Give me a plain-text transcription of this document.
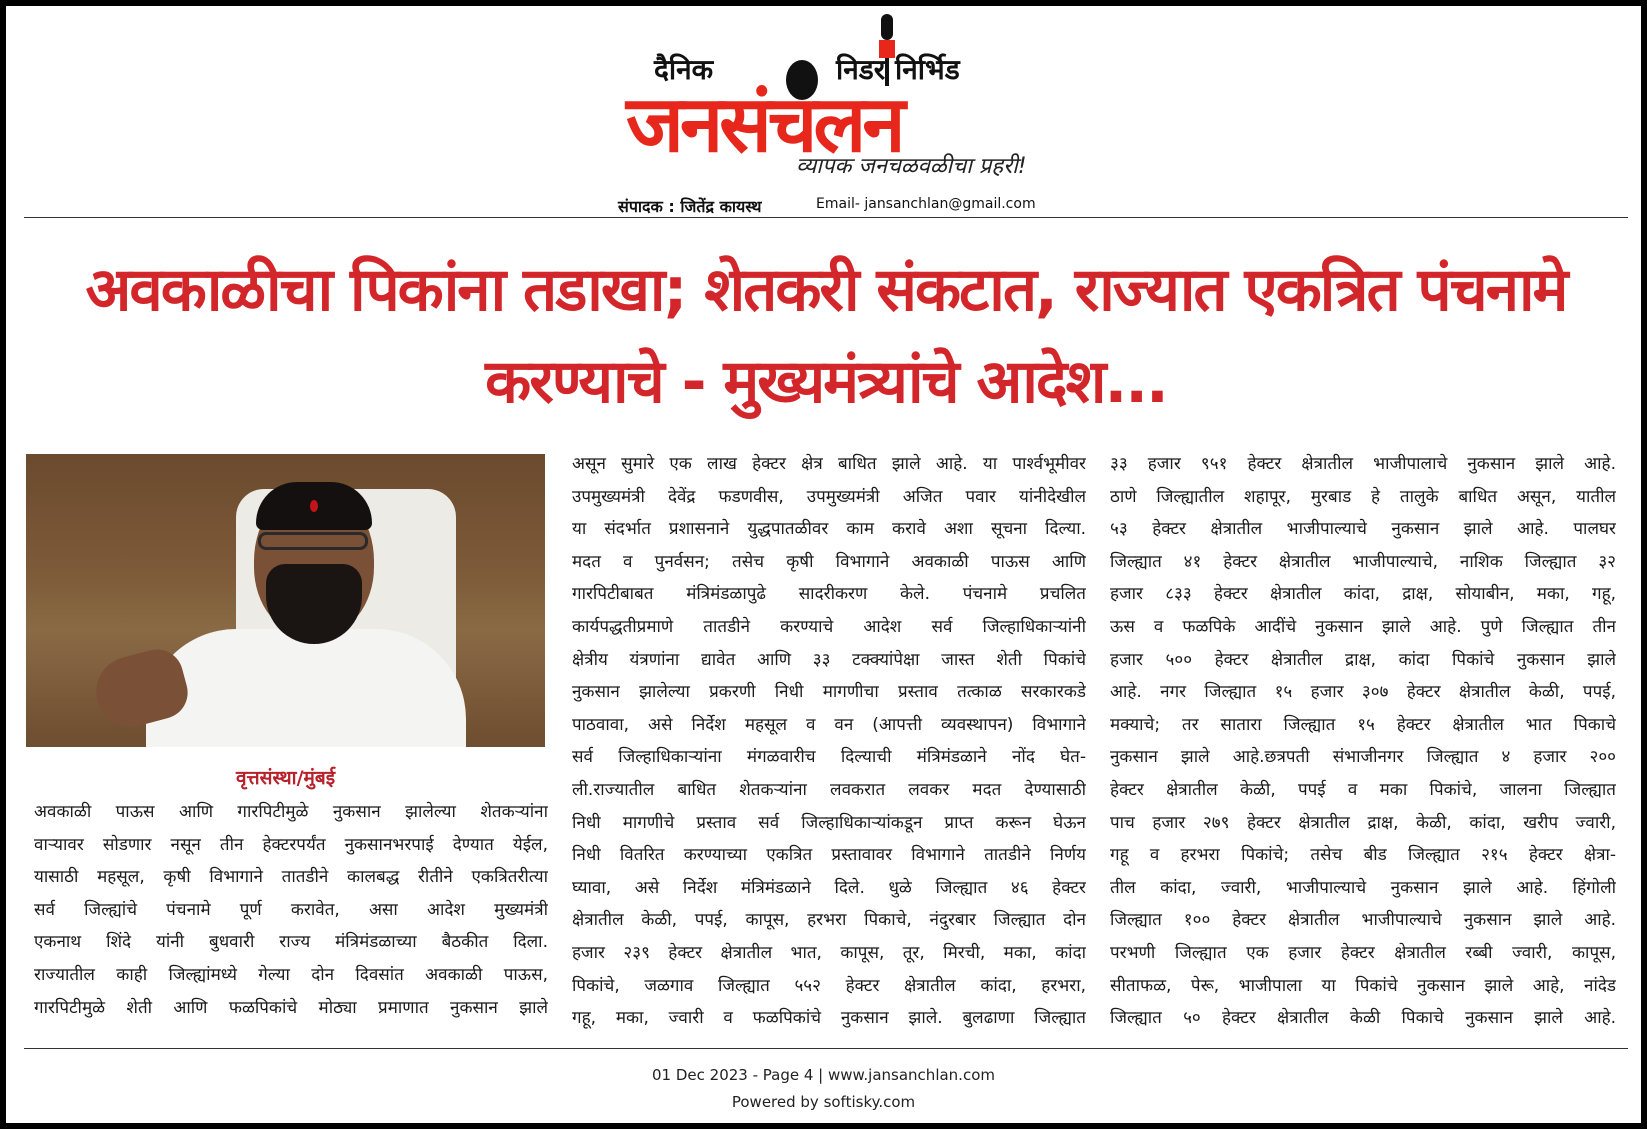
दैनिक	निडर निर्भिड
जनसंचलन
व्यापक जनचळवळीचा प्रहरी!
संपादक : जितेंद्र कायस्थ	Email- jansanchlan@gmail.com
अवकाळीचा पिकांना तडाखा; शेतकरी संकटात, राज्यात एकत्रित पंचनामे
करण्याचे - मुख्यमंत्र्यांचे आदेश...
वृत्तसंस्था/मुंबई
अवकाळी पाऊस आणि गारपिटीमुळे नुकसान झालेल्या शेतकऱ्यांना
वाऱ्यावर सोडणार नसून तीन हेक्टरपर्यंत नुकसानभरपाई देण्यात येईल,
यासाठी महसूल, कृषी विभागाने तातडीने कालबद्ध रीतीने एकत्रितरीत्या
सर्व जिल्ह्यांचे पंचनामे पूर्ण करावेत, असा आदेश मुख्यमंत्री
एकनाथ शिंदे यांनी बुधवारी राज्य मंत्रिमंडळाच्या बैठकीत दिला.
राज्यातील काही जिल्ह्यांमध्ये गेल्या दोन दिवसांत अवकाळी पाऊस,
गारपिटीमुळे शेती आणि फळपिकांचे मोठ्या प्रमाणात नुकसान झाले
असून सुमारे एक लाख हेक्टर क्षेत्र बाधित झाले आहे. या पार्श्वभूमीवर
उपमुख्यमंत्री देवेंद्र फडणवीस, उपमुख्यमंत्री अजित पवार यांनीदेखील
या संदर्भात प्रशासनाने युद्धपातळीवर काम करावे अशा सूचना दिल्या.
मदत व पुनर्वसन; तसेच कृषी विभागाने अवकाळी पाऊस आणि
गारपिटीबाबत मंत्रिमंडळापुढे सादरीकरण केले. पंचनामे प्रचलित
कार्यपद्धतीप्रमाणे तातडीने करण्याचे आदेश सर्व जिल्हाधिकाऱ्यांनी
क्षेत्रीय यंत्रणांना द्यावेत आणि ३३ टक्क्यांपेक्षा जास्त शेती पिकांचे
नुकसान झालेल्या प्रकरणी निधी मागणीचा प्रस्ताव तत्काळ सरकारकडे
पाठवावा, असे निर्देश महसूल व वन (आपत्ती व्यवस्थापन) विभागाने
सर्व जिल्हाधिकाऱ्यांना मंगळवारीच दिल्याची मंत्रिमंडळाने नोंद घेत-
ली.राज्यातील बाधित शेतकऱ्यांना लवकरात लवकर मदत देण्यासाठी
निधी मागणीचे प्रस्ताव सर्व जिल्हाधिकाऱ्यांकडून प्राप्त करून घेऊन
निधी वितरित करण्याच्या एकत्रित प्रस्तावावर विभागाने तातडीने निर्णय
घ्यावा, असे निर्देश मंत्रिमंडळाने दिले. धुळे जिल्ह्यात ४६ हेक्टर
क्षेत्रातील केळी, पपई, कापूस, हरभरा पिकाचे, नंदुरबार जिल्ह्यात दोन
हजार २३९ हेक्टर क्षेत्रातील भात, कापूस, तूर, मिरची, मका, कांदा
पिकांचे, जळगाव जिल्ह्यात ५५२ हेक्टर क्षेत्रातील कांदा, हरभरा,
गहू, मका, ज्वारी व फळपिकांचे नुकसान झाले. बुलढाणा जिल्ह्यात
३३ हजार ९५१ हेक्टर क्षेत्रातील भाजीपालाचे नुकसान झाले आहे.
ठाणे जिल्ह्यातील शहापूर, मुरबाड हे तालुके बाधित असून, यातील
५३ हेक्टर क्षेत्रातील भाजीपाल्याचे नुकसान झाले आहे. पालघर
जिल्ह्यात ४१ हेक्टर क्षेत्रातील भाजीपाल्याचे, नाशिक जिल्ह्यात ३२
हजार ८३३ हेक्टर क्षेत्रातील कांदा, द्राक्ष, सोयाबीन, मका, गहू,
ऊस व फळपिके आदींचे नुकसान झाले आहे. पुणे जिल्ह्यात तीन
हजार ५०० हेक्टर क्षेत्रातील द्राक्ष, कांदा पिकांचे नुकसान झाले
आहे. नगर जिल्ह्यात १५ हजार ३०७ हेक्टर क्षेत्रातील केळी, पपई,
मक्याचे; तर सातारा जिल्ह्यात १५ हेक्टर क्षेत्रातील भात पिकाचे
नुकसान झाले आहे.छत्रपती संभाजीनगर जिल्ह्यात ४ हजार २००
हेक्टर क्षेत्रातील केळी, पपई व मका पिकांचे, जालना जिल्ह्यात
पाच हजार २७९ हेक्टर क्षेत्रातील द्राक्ष, केळी, कांदा, खरीप ज्वारी,
गहू व हरभरा पिकांचे; तसेच बीड जिल्ह्यात २१५ हेक्टर क्षेत्रा-
तील कांदा, ज्वारी, भाजीपाल्याचे नुकसान झाले आहे. हिंगोली
जिल्ह्यात १०० हेक्टर क्षेत्रातील भाजीपाल्याचे नुकसान झाले आहे.
परभणी जिल्ह्यात एक हजार हेक्टर क्षेत्रातील रब्बी ज्वारी, कापूस,
सीताफळ, पेरू, भाजीपाला या पिकांचे नुकसान झाले आहे, नांदेड
जिल्ह्यात ५० हेक्टर क्षेत्रातील केळी पिकाचे नुकसान झाले आहे.
01 Dec 2023 - Page 4 | www.jansanchlan.com
Powered by softisky.com
